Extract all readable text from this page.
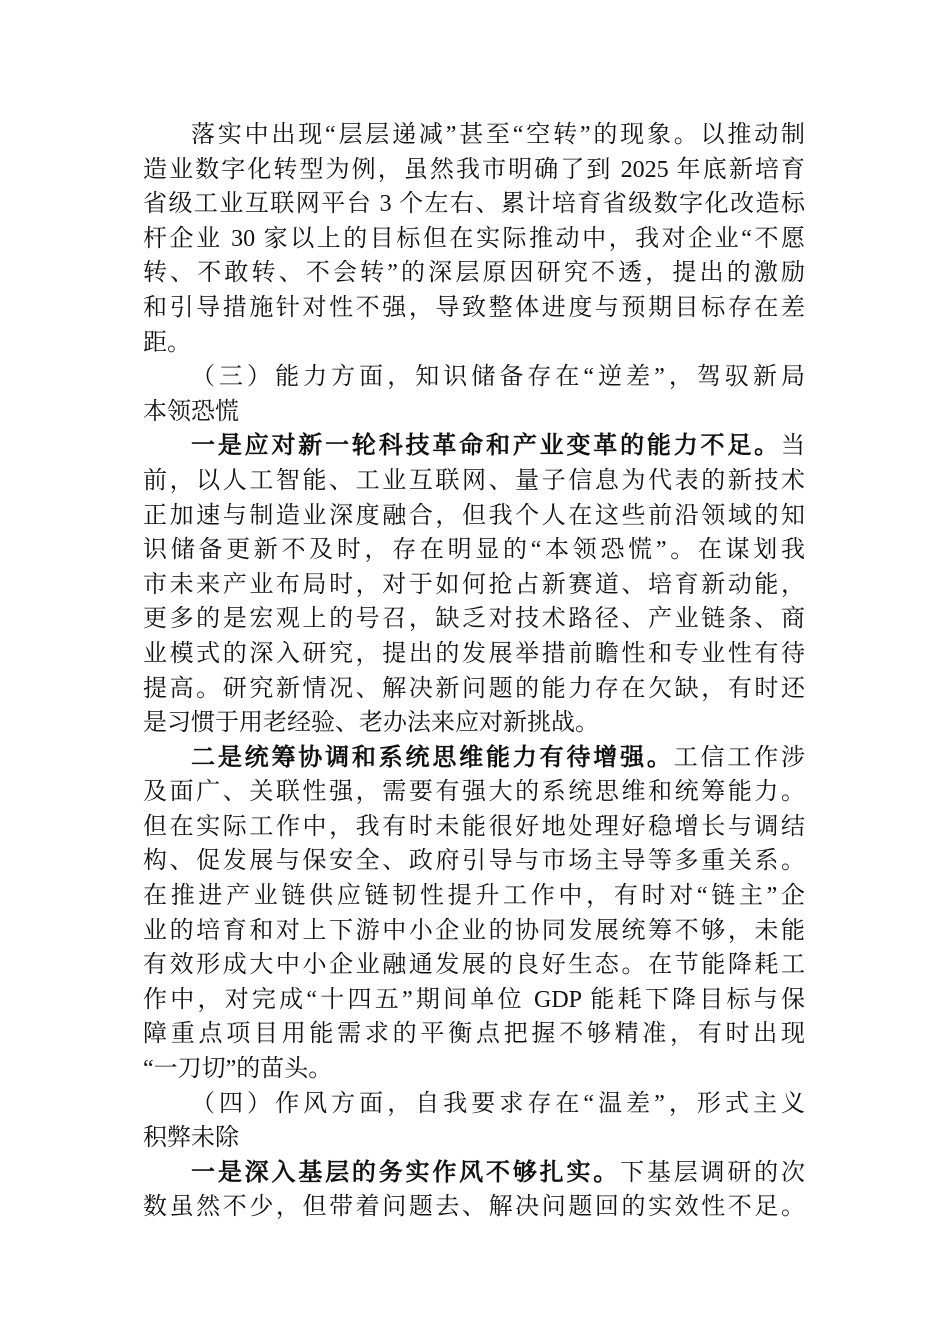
落实中出现“层层递减”甚至“空转”的现象。以推动制
造业数字化转型为例，虽然我市明确了到 2025 年底新培育
省级工业互联网平台 3 个左右、累计培育省级数字化改造标
杆企业 30 家以上的目标但在实际推动中，我对企业“不愿
转、不敢转、不会转”的深层原因研究不透，提出的激励
和引导措施针对性不强，导致整体进度与预期目标存在差
距。
（三）能力方面，知识储备存在“逆差”，驾驭新局
本领恐慌
一是应对新一轮科技革命和产业变革的能力不足。当
前，以人工智能、工业互联网、量子信息为代表的新技术
正加速与制造业深度融合，但我个人在这些前沿领域的知
识储备更新不及时，存在明显的“本领恐慌”。在谋划我
市未来产业布局时，对于如何抢占新赛道、培育新动能，
更多的是宏观上的号召，缺乏对技术路径、产业链条、商
业模式的深入研究，提出的发展举措前瞻性和专业性有待
提高。研究新情况、解决新问题的能力存在欠缺，有时还
是习惯于用老经验、老办法来应对新挑战。
二是统筹协调和系统思维能力有待增强。工信工作涉
及面广、关联性强，需要有强大的系统思维和统筹能力。
但在实际工作中，我有时未能很好地处理好稳增长与调结
构、促发展与保安全、政府引导与市场主导等多重关系。
在推进产业链供应链韧性提升工作中，有时对“链主”企
业的培育和对上下游中小企业的协同发展统筹不够，未能
有效形成大中小企业融通发展的良好生态。在节能降耗工
作中，对完成“十四五”期间单位 GDP 能耗下降目标与保
障重点项目用能需求的平衡点把握不够精准，有时出现
“一刀切”的苗头。
（四）作风方面，自我要求存在“温差”，形式主义
积弊未除
一是深入基层的务实作风不够扎实。下基层调研的次
数虽然不少，但带着问题去、解决问题回的实效性不足。
